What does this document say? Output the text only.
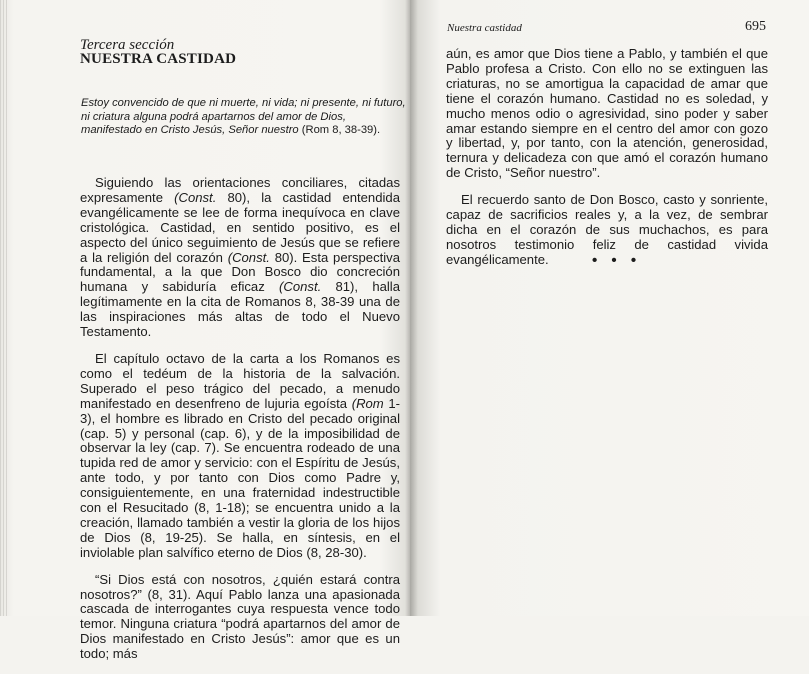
Tercera sección
NUESTRA CASTIDAD
Estoy convencido de que ni muerte, ni vida; ni presente, ni futuro, ni criatura alguna podrá apartarnos del amor de Dios, manifestado en Cristo Jesús, Señor nuestro (Rom 8, 38-39).

Siguiendo las orientaciones conciliares, citadas expresamente (Const. 80), la castidad entendida evangélicamente se lee de forma inequívoca en clave cristológica. Castidad, en sentido positivo, es el aspecto del único seguimiento de Jesús que se refiere a la religión del corazón (Const. 80). Esta perspectiva fundamental, a la que Don Bosco dio concreción humana y sabiduría eficaz (Const. 81), halla legítimamente en la cita de Romanos 8, 38-39 una de las inspiraciones más altas de todo el Nuevo Testamento.

El capítulo octavo de la carta a los Romanos es como el tedéum de la historia de la salvación. Superado el peso trágico del pecado, a menudo manifestado en desenfreno de lujuria egoísta (Rom 1-3), el hombre es librado en Cristo del pecado original (cap. 5) y personal (cap. 6), y de la imposibilidad de observar la ley (cap. 7). Se encuentra rodeado de una tupida red de amor y servicio: con el Espíritu de Jesús, ante todo, y por tanto con Dios como Padre y, consiguientemente, en una fraternidad indestructible con el Resucitado (8, 1-18); se encuentra unido a la creación, llamado también a vestir la gloria de los hijos de Dios (8, 19-25). Se halla, en síntesis, en el inviolable plan salvífico eterno de Dios (8, 28-30).

“Si Dios está con nosotros, ¿quién estará contra nosotros?” (8, 31). Aquí Pablo lanza una apasionada cascada de interrogantes cuya respuesta vence todo temor. Ninguna criatura “podrá apartarnos del amor de Dios manifestado en Cristo Jesús”: amor que es un todo; más

Nuestra castidad	695

aún, es amor que Dios tiene a Pablo, y también el que Pablo profesa a Cristo. Con ello no se extinguen las criaturas, no se amortigua la capacidad de amar que tiene el corazón humano. Castidad no es soledad, y mucho menos odio o agresividad, sino poder y saber amar estando siempre en el centro del amor con gozo y libertad, y, por tanto, con la atención, generosidad, ternura y delicadeza con que amó el corazón humano de Cristo, “Señor nuestro”.

El recuerdo santo de Don Bosco, casto y sonriente, capaz de sacrificios reales y, a la vez, de sembrar dicha en el corazón de sus muchachos, es para nosotros testimonio feliz de castidad vivida evangélicamente.	• • •
